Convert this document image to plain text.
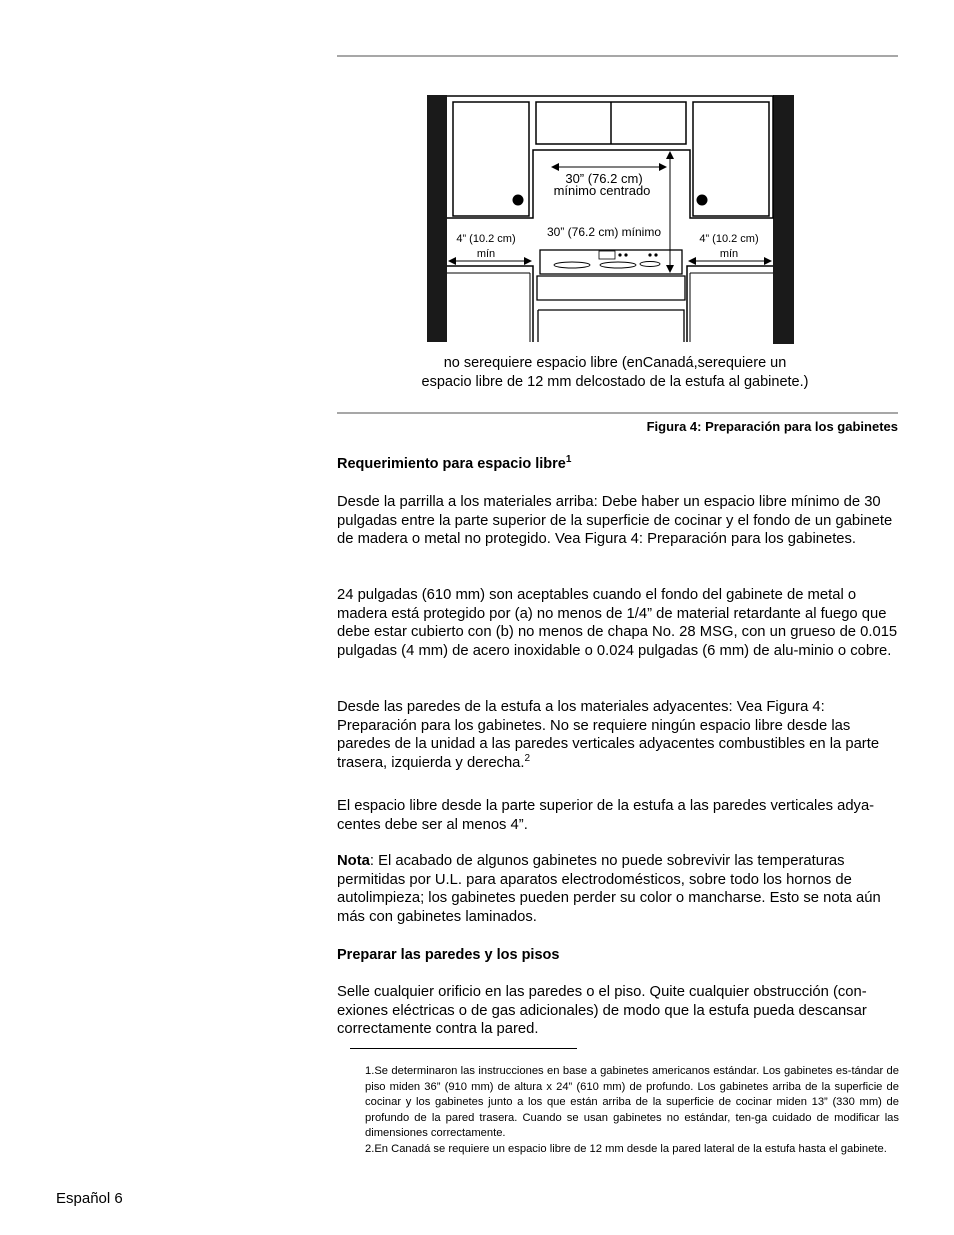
30” (76.2 cm)
mínimo centrado
30” (76.2 cm) mínimo
4” (10.2 cm)
mín
4” (10.2 cm)
mín
no serequiere espacio libre (enCanadá,serequiere un
espacio libre de 12 mm delcostado de la estufa al gabinete.)
Figura 4: Preparación para los gabinetes
Requerimiento para espacio libre$^1$
Desde la parrilla a los materiales arriba: Debe haber un espacio libre mínimo de 30 pulgadas entre la parte superior de la superficie de cocinar y el fondo de un gabinete de madera o metal no protegido. Vea Figura 4: Preparación para los gabinetes.
24 pulgadas (610 mm) son aceptables cuando el fondo del gabinete de metal o madera está protegido por (a) no menos de 1/4” de material retardante al fuego que debe estar cubierto con (b) no menos de chapa No. 28 MSG, con un grueso de 0.015 pulgadas (4 mm) de acero inoxidable o 0.024 pulgadas (6 mm) de alu-minio o cobre.
Desde las paredes de la estufa a los materiales adyacentes: Vea Figura 4: Preparación para los gabinetes. No se requiere ningún espacio libre desde las paredes de la unidad a las paredes verticales adyacentes combustibles en la parte trasera, izquierda y derecha.$^2$
El espacio libre desde la parte superior de la estufa a las paredes verticales adya-centes debe ser al menos 4”.
Nota: El acabado de algunos gabinetes no puede sobrevivir las temperaturas permitidas por U.L. para aparatos electrodomésticos, sobre todo los hornos de autolimpieza; los gabinetes pueden perder su color o mancharse. Esto se nota aún más con gabinetes laminados.
Preparar las paredes y los pisos
Selle cualquier orificio en las paredes o el piso. Quite cualquier obstrucción (con-exiones eléctricas o de gas adicionales) de modo que la estufa pueda descansar correctamente contra la pared.
1.Se determinaron las instrucciones en base a gabinetes americanos estándar. Los gabinetes es-tándar de piso miden 36” (910 mm) de altura x 24” (610 mm) de profundo. Los gabinetes arriba de la superficie de cocinar y los gabinetes junto a los que están arriba de la superficie de cocinar miden 13” (330 mm) de profundo de la pared trasera. Cuando se usan gabinetes no estándar, ten-ga cuidado de modificar las dimensiones correctamente.
2.En Canadá se requiere un espacio libre de 12 mm desde la pared lateral de la estufa hasta el gabinete.
Español 6
